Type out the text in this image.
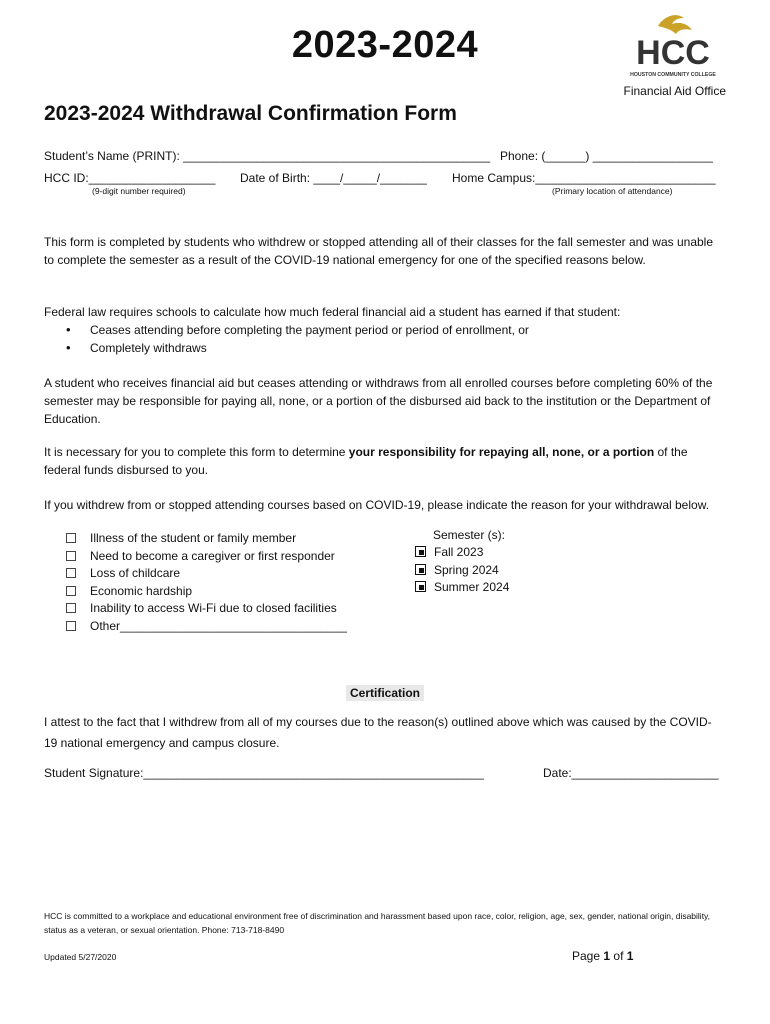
2023-2024	HCC
HOUSTON COMMUNITY COLLEGE
Financial Aid Office
2023-2024 Withdrawal Confirmation Form
Student’s Name (PRINT): ______________________________________________ Phone: (______) __________________
HCC ID:___________________ Date of Birth: ____/_____/_______ Home Campus:___________________________
(9-digit number required)	(Primary location of attendance)
This form is completed by students who withdrew or stopped attending all of their classes for the fall semester and was unable to complete the semester as a result of the COVID-19 national emergency for one of the specified reasons below.
Federal law requires schools to calculate how much federal financial aid a student has earned if that student:
• Ceases attending before completing the payment period or period of enrollment, or
• Completely withdraws
A student who receives financial aid but ceases attending or withdraws from all enrolled courses before completing 60% of the semester may be responsible for paying all, none, or a portion of the disbursed aid back to the institution or the Department of Education.
It is necessary for you to complete this form to determine your responsibility for repaying all, none, or a portion of the federal funds disbursed to you.
If you withdrew from or stopped attending courses based on COVID-19, please indicate the reason for your withdrawal below.
Illness of the student or family member
Need to become a caregiver or first responder
Loss of childcare
Economic hardship
Inability to access Wi-Fi due to closed facilities
Other__________________________________
Semester (s):
Fall 2023
Spring 2024
Summer 2024
Certification
I attest to the fact that I withdrew from all of my courses due to the reason(s) outlined above which was caused by the COVID-19 national emergency and campus closure.
Student Signature:___________________________________________________	Date:______________________
HCC is committed to a workplace and educational environment free of discrimination and harassment based upon race, color, religion, age, sex, gender, national origin, disability, status as a veteran, or sexual orientation. Phone: 713-718-8490
Updated 5/27/2020	Page 1 of 1
